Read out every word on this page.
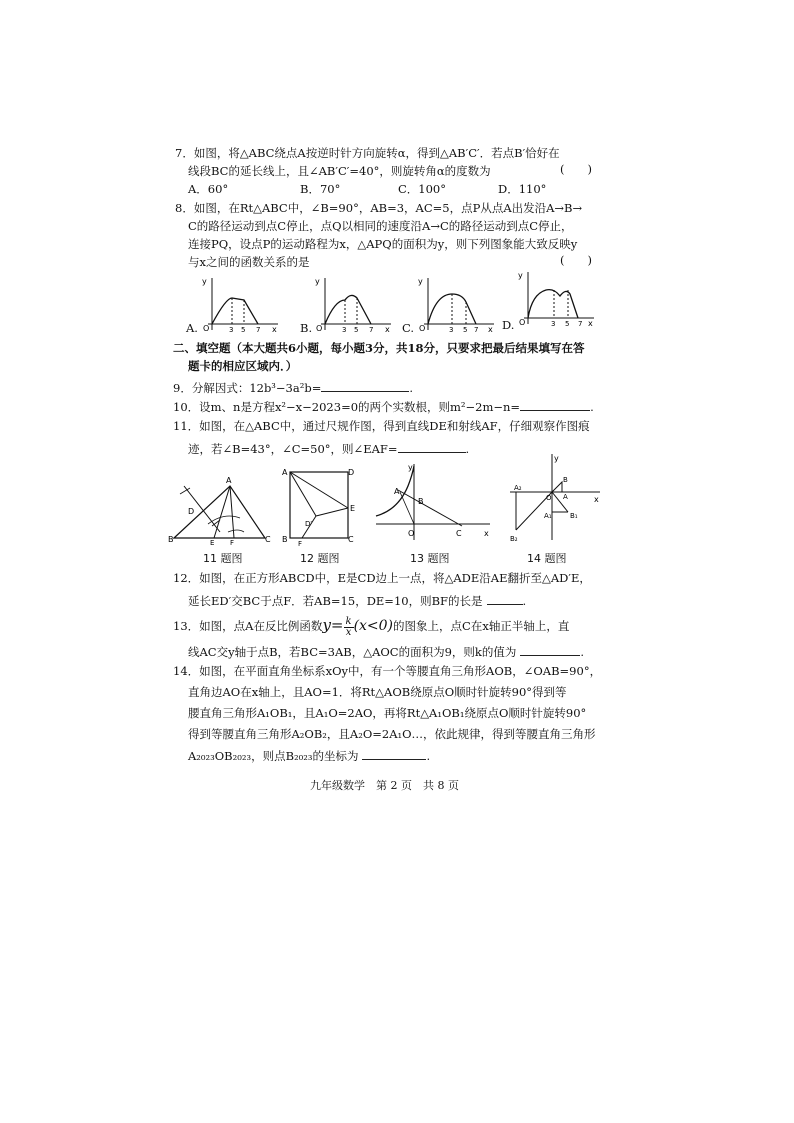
7．如图，将△ABC绕点A按逆时针方向旋转α，得到△AB′C′．若点B′恰好在
线段BC的延长线上，且∠AB′C′=40°，则旋转角α的度数为	(　　)
A．60°	B．70°	C．100°	D．110°
8．如图，在Rt△ABC中，∠B=90°，AB=3，AC=5，点P从点A出发沿A→B→
C的路径运动到点C停止，点Q以相同的速度沿A→C的路径运动到点C停止，
连接PQ，设点P的运动路程为x，△APQ的面积为y，则下列图象能大致反映y
与x之间的函数关系的是	(　　)
A.
y
x
O	3 5 7	B.
y
x
O	3 5 7 C.
y
x
O	3 5 7 D.
y
x
O	3 5 7
二、填空题（本大题共6小题，每小题3分，共18分，只要求把最后结果填写在答
题卡的相应区域内．）
9．分解因式：12b³−3a²b=	.
10．设m、n是方程x²−x−2023=0的两个实数根，则m²−2m−n=	.
11．如图，在△ABC中，通过尺规作图，得到直线DE和射线AF，仔细观察作图痕
迹，若∠B=43°，∠C=50°，则∠EAF=	.
A
B	C
D
E F
11 题图
A
B	C
D
E
F
D′
12 题图
y
x
A
B
O	C
13 题图
y
x
A₂
O A
B
A₁	B₁
B₂
14 题图
12．如图，在正方形ABCD中，E是CD边上一点，将△ADE沿AE翻折至△AD′E，
延长ED′交BC于点F．若AB=15，DE=10，则BF的长是	.
13．如图，点A在反比例函数$y= \frac{k}{x} (x<0)$的图象上，点C在x轴正半轴上，直
线AC交y轴于点B，若BC=3AB，△AOC的面积为9，则k的值为	.
14．如图，在平面直角坐标系xOy中，有一个等腰直角三角形AOB，∠OAB=90°，
直角边AO在x轴上，且AO=1．将Rt△AOB绕原点O顺时针旋转90°得到等
腰直角三角形A₁OB₁，且A₁O=2AO，再将Rt△A₁OB₁绕原点O顺时针旋转90°
得到等腰直角三角形A₂OB₂，且A₂O=2A₁O…，依此规律，得到等腰直角三角形
A₂₀₂₃OB₂₀₂₃，则点B₂₀₂₃的坐标为	.
九年级数学　第 2 页　共 8 页
